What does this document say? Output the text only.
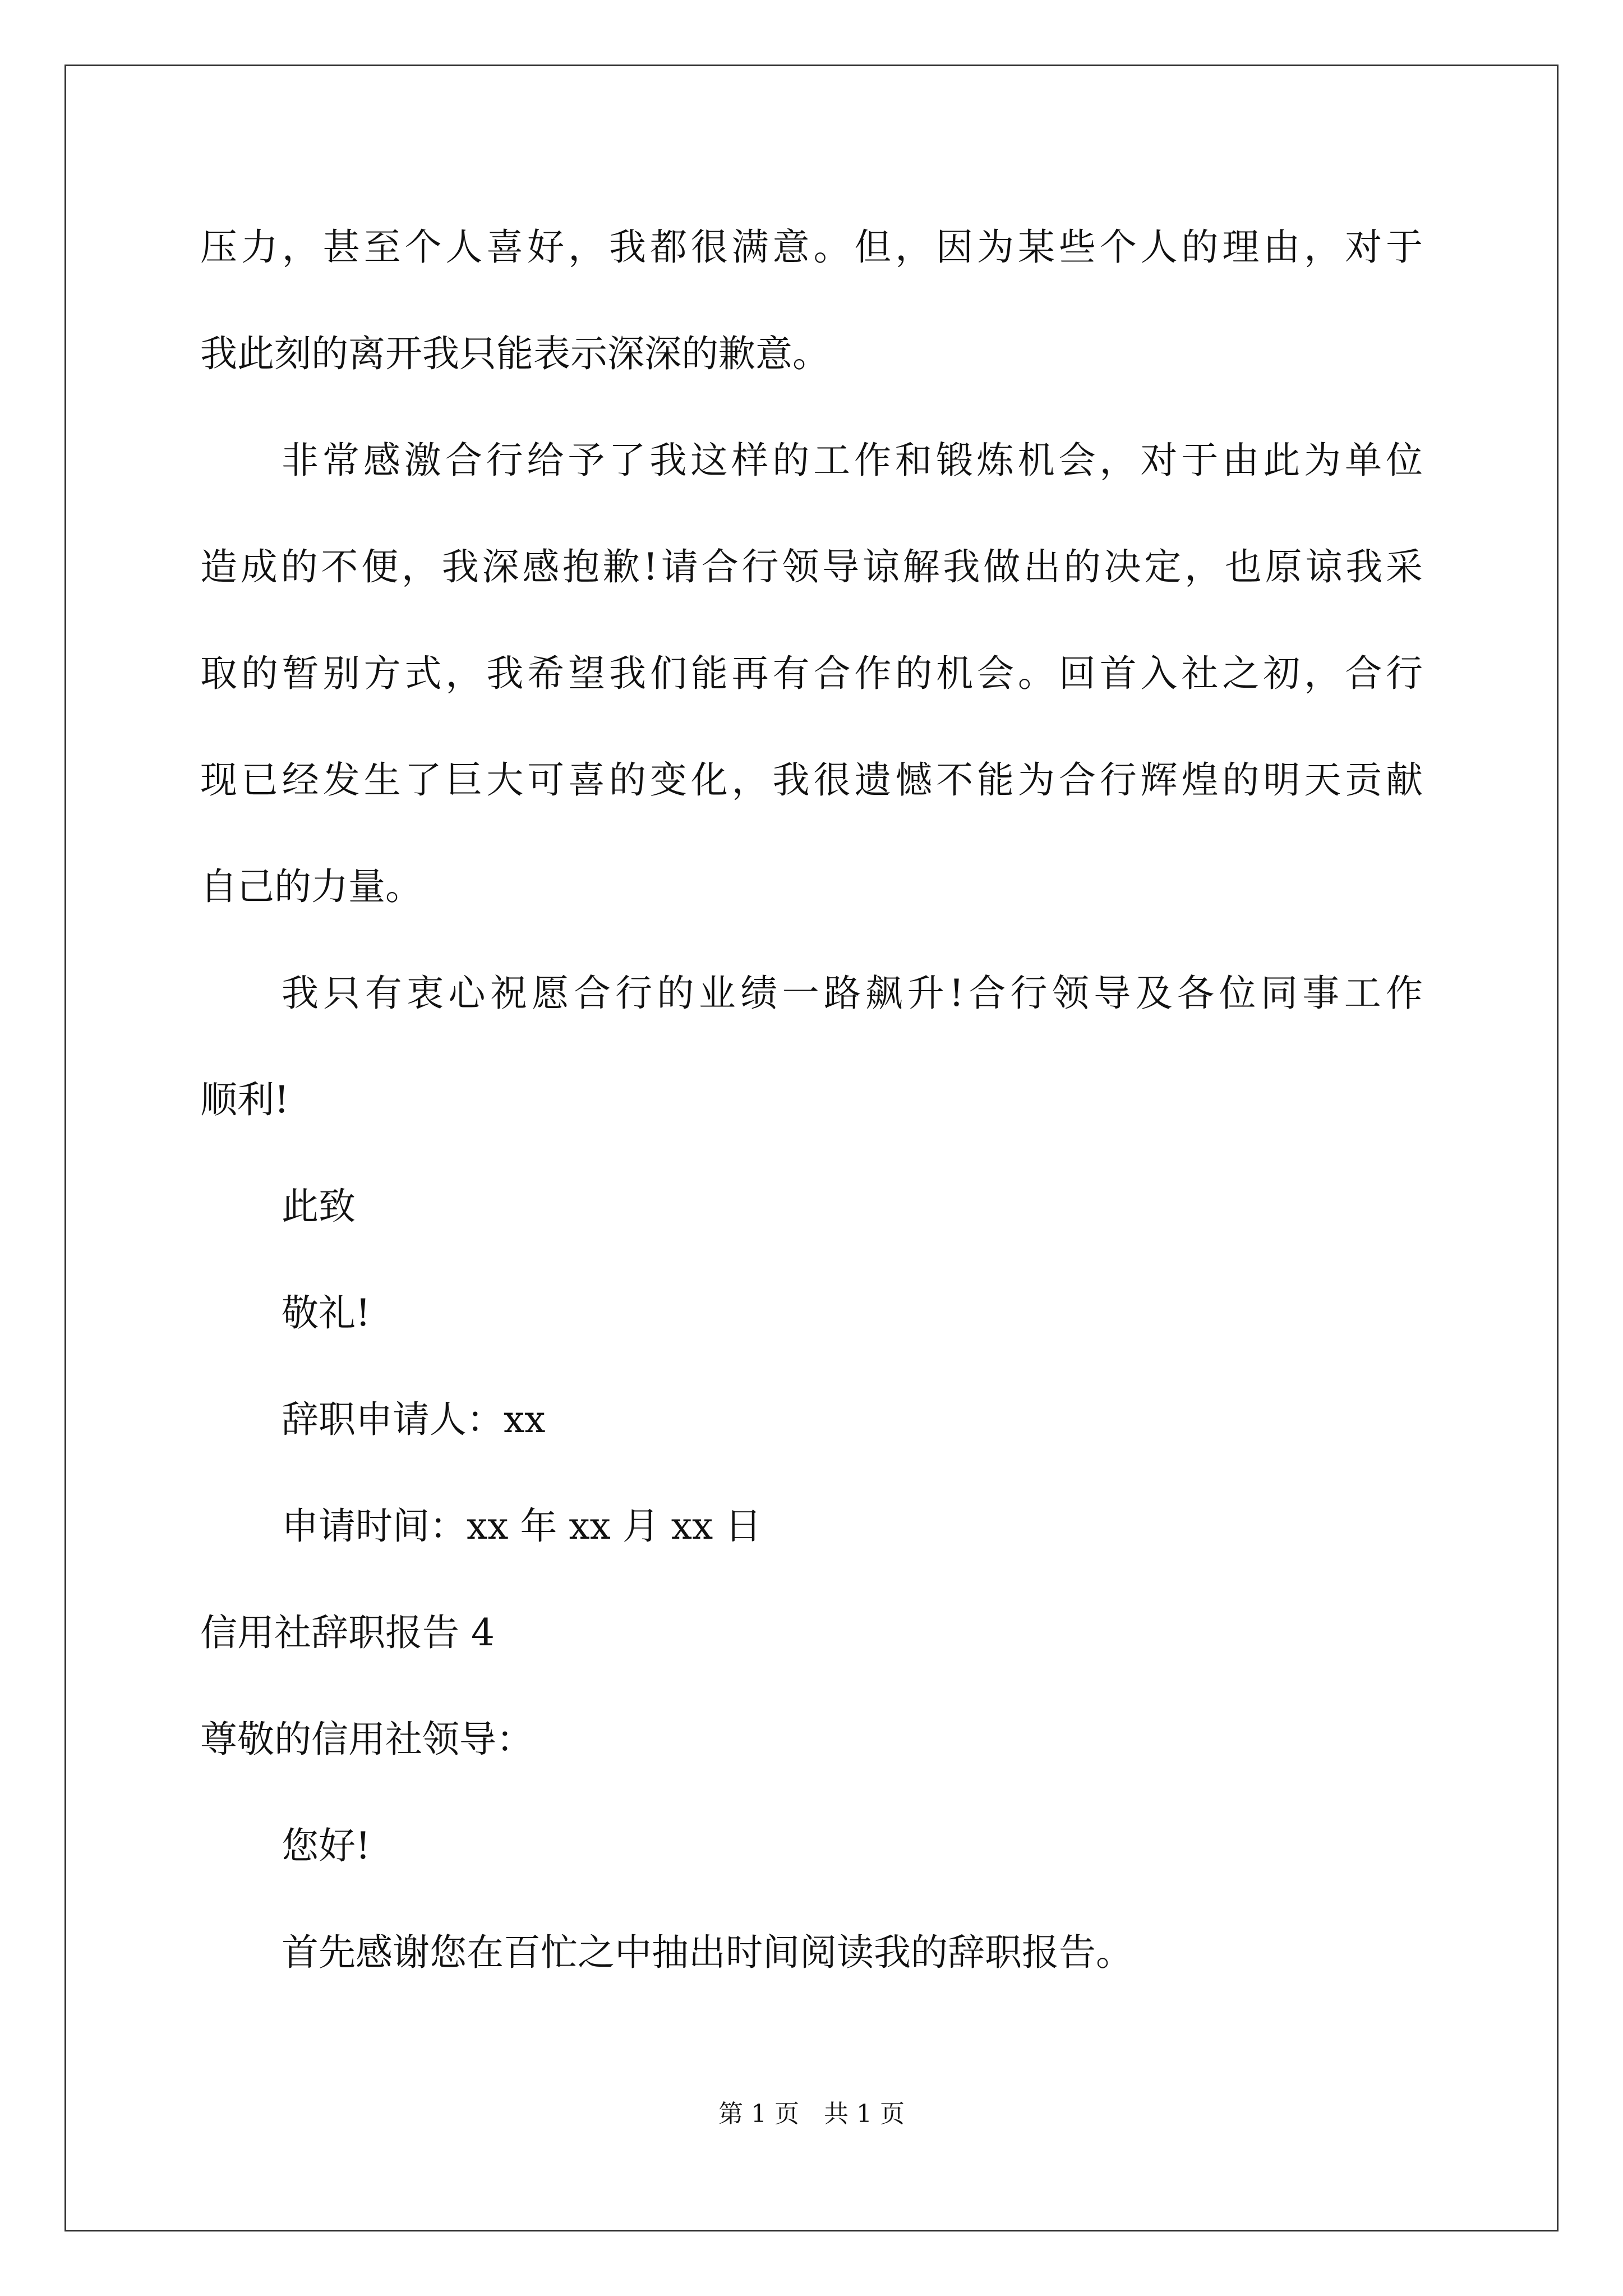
压力，甚至个人喜好，我都很满意。但，因为某些个人的理由，对于
我此刻的离开我只能表示深深的歉意。
非常感激合行给予了我这样的工作和锻炼机会，对于由此为单位
造成的不便，我深感抱歉!请合行领导谅解我做出的决定，也原谅我采
取的暂别方式，我希望我们能再有合作的机会。回首入社之初，合行
现已经发生了巨大可喜的变化，我很遗憾不能为合行辉煌的明天贡献
自己的力量。
我只有衷心祝愿合行的业绩一路飙升!合行领导及各位同事工作
顺利!
此致
敬礼!
辞职申请人：xx
申请时间：xx 年 xx 月 xx 日
信用社辞职报告 4
尊敬的信用社领导：
您好!
首先感谢您在百忙之中抽出时间阅读我的辞职报告。
第 1 页　共 1 页
